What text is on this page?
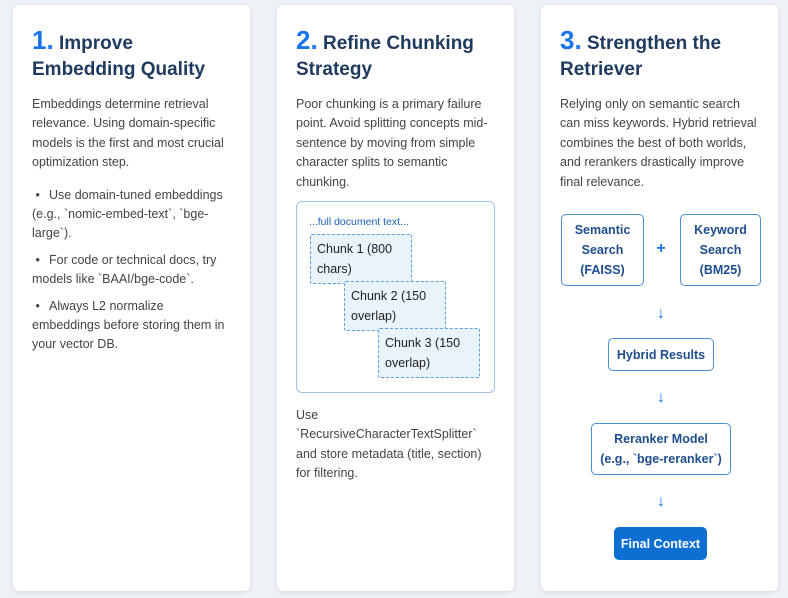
1. Improve
Embedding Quality

Embeddings determine retrieval relevance. Using domain-specific models is the first and most crucial optimization step.

• Use domain-tuned embeddings (e.g., `nomic-embed-text`, `bge-large`).
• For code or technical docs, try models like `BAAI/bge-code`.
• Always L2 normalize embeddings before storing them in your vector DB.
2. Refine Chunking
Strategy

Poor chunking is a primary failure point. Avoid splitting concepts mid-sentence by moving from simple character splits to semantic chunking.

...full document text...
Chunk 1 (800 chars)
Chunk 2 (150 overlap)
Chunk 3 (150 overlap)

Use `RecursiveCharacterTextSplitter` and store metadata (title, section) for filtering.

3. Strengthen the
Retriever

Relying only on semantic search can miss keywords. Hybrid retrieval combines the best of both worlds, and rerankers drastically improve final relevance.

Semantic Search (FAISS)
+
Keyword Search (BM25)
↓
Hybrid Results
↓
Reranker Model (e.g., `bge-reranker`)
↓
Final Context
